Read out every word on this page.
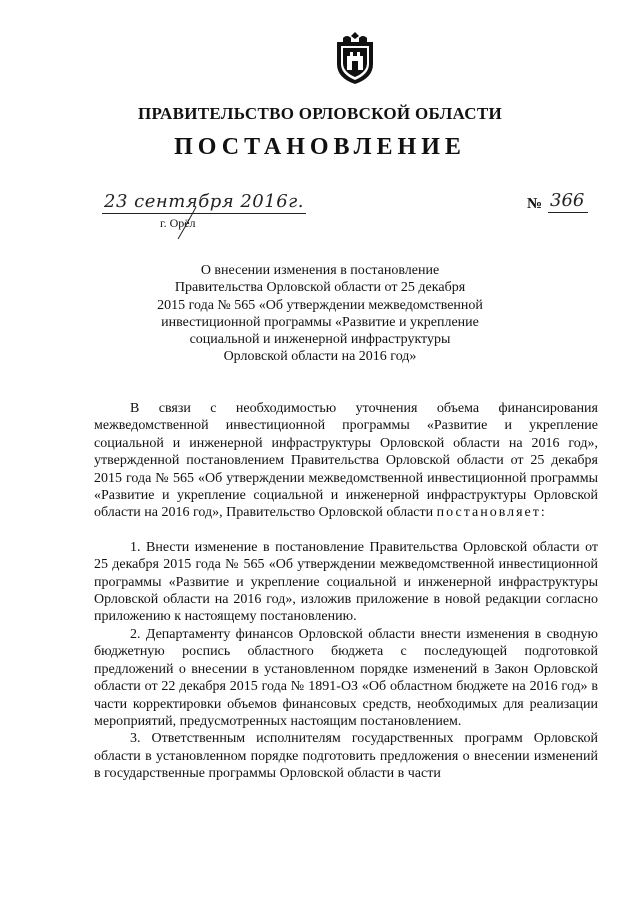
ПРАВИТЕЛЬСТВО ОРЛОВСКОЙ ОБЛАСТИ
ПОСТАНОВЛЕНИЕ
23 сентября 2016г.
г. Орёл
№ 366
О внесении изменения в постановление
Правительства Орловской области от 25 декабря
2015 года № 565 «Об утверждении межведомственной
инвестиционной программы «Развитие и укрепление
социальной и инженерной инфраструктуры
Орловской области на 2016 год»

В связи с необходимостью уточнения объема финансирования межведомственной инвестиционной программы «Развитие и укрепление социальной и инженерной инфраструктуры Орловской области на 2016 год», утвержденной постановлением Правительства Орловской области от 25 декабря 2015 года № 565 «Об утверждении межведомственной инвестиционной программы «Развитие и укрепление социальной и инженерной инфраструктуры Орловской области на 2016 год», Правительство Орловской области постановляет:

1. Внести изменение в постановление Правительства Орловской области от 25 декабря 2015 года № 565 «Об утверждении межведомственной инвестиционной программы «Развитие и укрепление социальной и инженерной инфраструктуры Орловской области на 2016 год», изложив приложение в новой редакции согласно приложению к настоящему постановлению.

2. Департаменту финансов Орловской области внести изменения в сводную бюджетную роспись областного бюджета с последующей подготовкой предложений о внесении в установленном порядке изменений в Закон Орловской области от 22 декабря 2015 года № 1891-ОЗ «Об областном бюджете на 2016 год» в части корректировки объемов финансовых средств, необходимых для реализации мероприятий, предусмотренных настоящим постановлением.

3. Ответственным исполнителям государственных программ Орловской области в установленном порядке подготовить предложения о внесении изменений в государственные программы Орловской области в части
